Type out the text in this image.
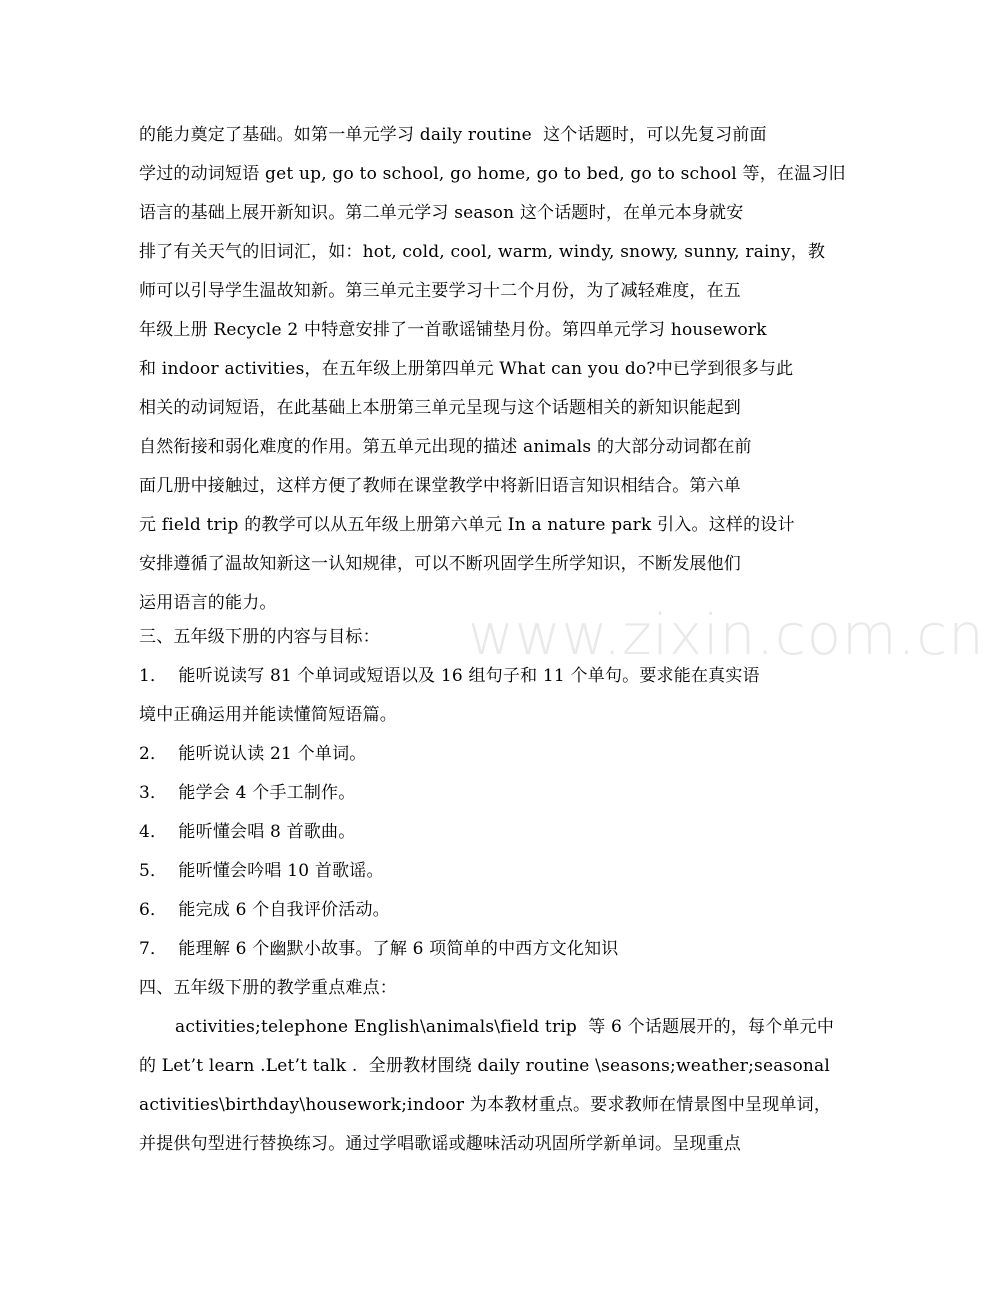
的能力奠定了基础。如第一单元学习 daily routine  这个话题时，可以先复习前面
学过的动词短语 get up, go to school, go home, go to bed, go to school 等，在温习旧
语言的基础上展开新知识。第二单元学习 season 这个话题时，在单元本身就安
排了有关天气的旧词汇，如：hot, cold, cool, warm, windy, snowy, sunny, rainy，教
师可以引导学生温故知新。第三单元主要学习十二个月份，为了减轻难度，在五
年级上册 Recycle 2 中特意安排了一首歌谣铺垫月份。第四单元学习 housework
和 indoor activities，在五年级上册第四单元 What can you do?中已学到很多与此
相关的动词短语，在此基础上本册第三单元呈现与这个话题相关的新知识能起到
自然衔接和弱化难度的作用。第五单元出现的描述 animals 的大部分动词都在前
面几册中接触过，这样方便了教师在课堂教学中将新旧语言知识相结合。第六单
元 field trip 的教学可以从五年级上册第六单元 In a nature park 引入。这样的设计
安排遵循了温故知新这一认知规律，可以不断巩固学生所学知识，不断发展他们
运用语言的能力。
三、五年级下册的内容与目标：
1．  能听说读写 81 个单词或短语以及 16 组句子和 11 个单句。要求能在真实语
境中正确运用并能读懂简短语篇。
2．  能听说认读 21 个单词。
3．  能学会 4 个手工制作。
4．  能听懂会唱 8 首歌曲。
5．  能听懂会吟唱 10 首歌谣。
6．  能完成 6 个自我评价活动。
7．  能理解 6 个幽默小故事。了解 6 项简单的中西方文化知识
四、五年级下册的教学重点难点：
activities;telephone English\animals\field trip  等 6 个话题展开的，每个单元中
的 Let’t learn .Let’t talk .  全册教材围绕 daily routine \seasons;weather;seasonal
activities\birthday\housework;indoor 为本教材重点。要求教师在情景图中呈现单词，
并提供句型进行替换练习。通过学唱歌谣或趣味活动巩固所学新单词。呈现重点
www.zixin.com.cn
